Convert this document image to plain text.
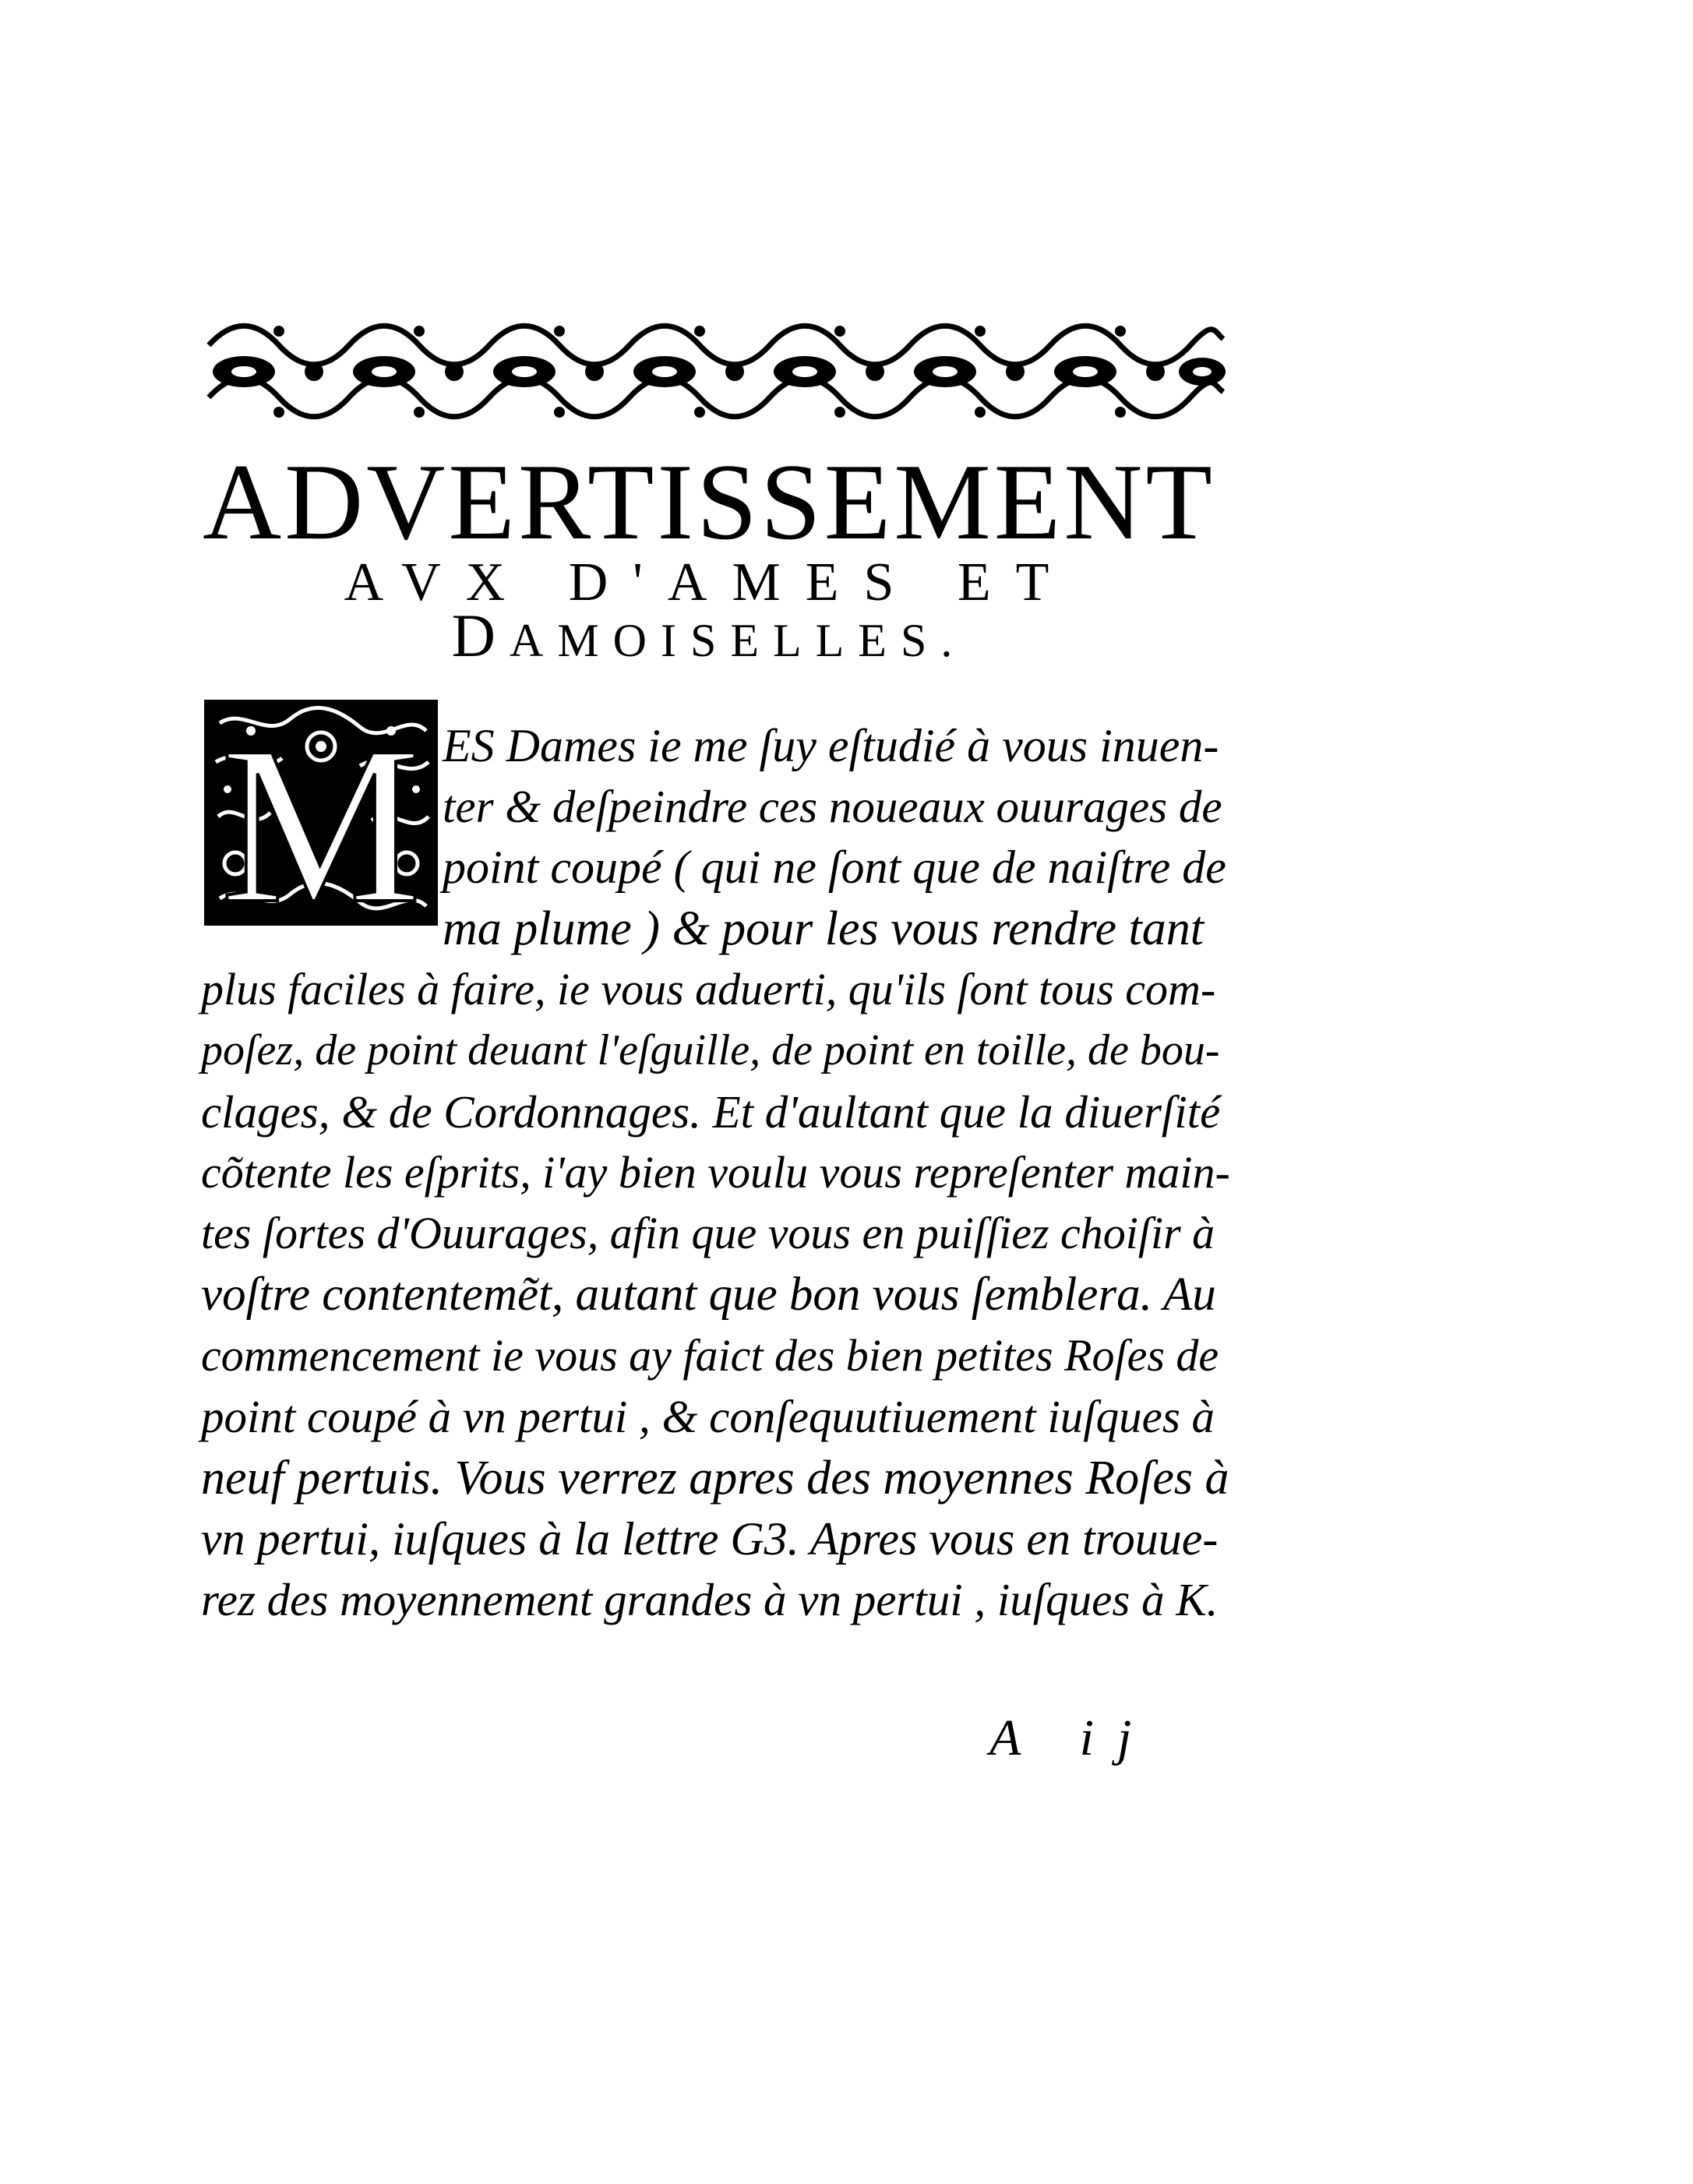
ADVERTISSEMENT

AVX D'AMES ET

DAMOISELLES.

M ES Dames ie me ſuy eſtudié à vous inuen-

ter & deſpeindre ces noueaux ouurages de

point coupé ( qui ne ſont que de naiſtre de

ma plume ) & pour les vous rendre tant

plus faciles à faire, ie vous aduerti, qu'ils ſont tous com-

poſez, de point deuant l'eſguille, de point en toille, de bou-

clages, & de Cordonnages. Et d'aultant que la diuerſité

cõtente les eſprits, i'ay bien voulu vous repreſenter main-

tes ſortes d'Ouurages, afin que vous en puiſſiez choiſir à

voſtre contentemẽt, autant que bon vous ſemblera. Au

commencement ie vous ay faict des bien petites Roſes de

point coupé à vn pertui , & conſequutiuement iuſques à

neuf pertuis. Vous verrez apres des moyennes Roſes à

vn pertui, iuſques à la lettre G3. Apres vous en trouue-

rez des moyennement grandes à vn pertui , iuſques à K.

A ij
